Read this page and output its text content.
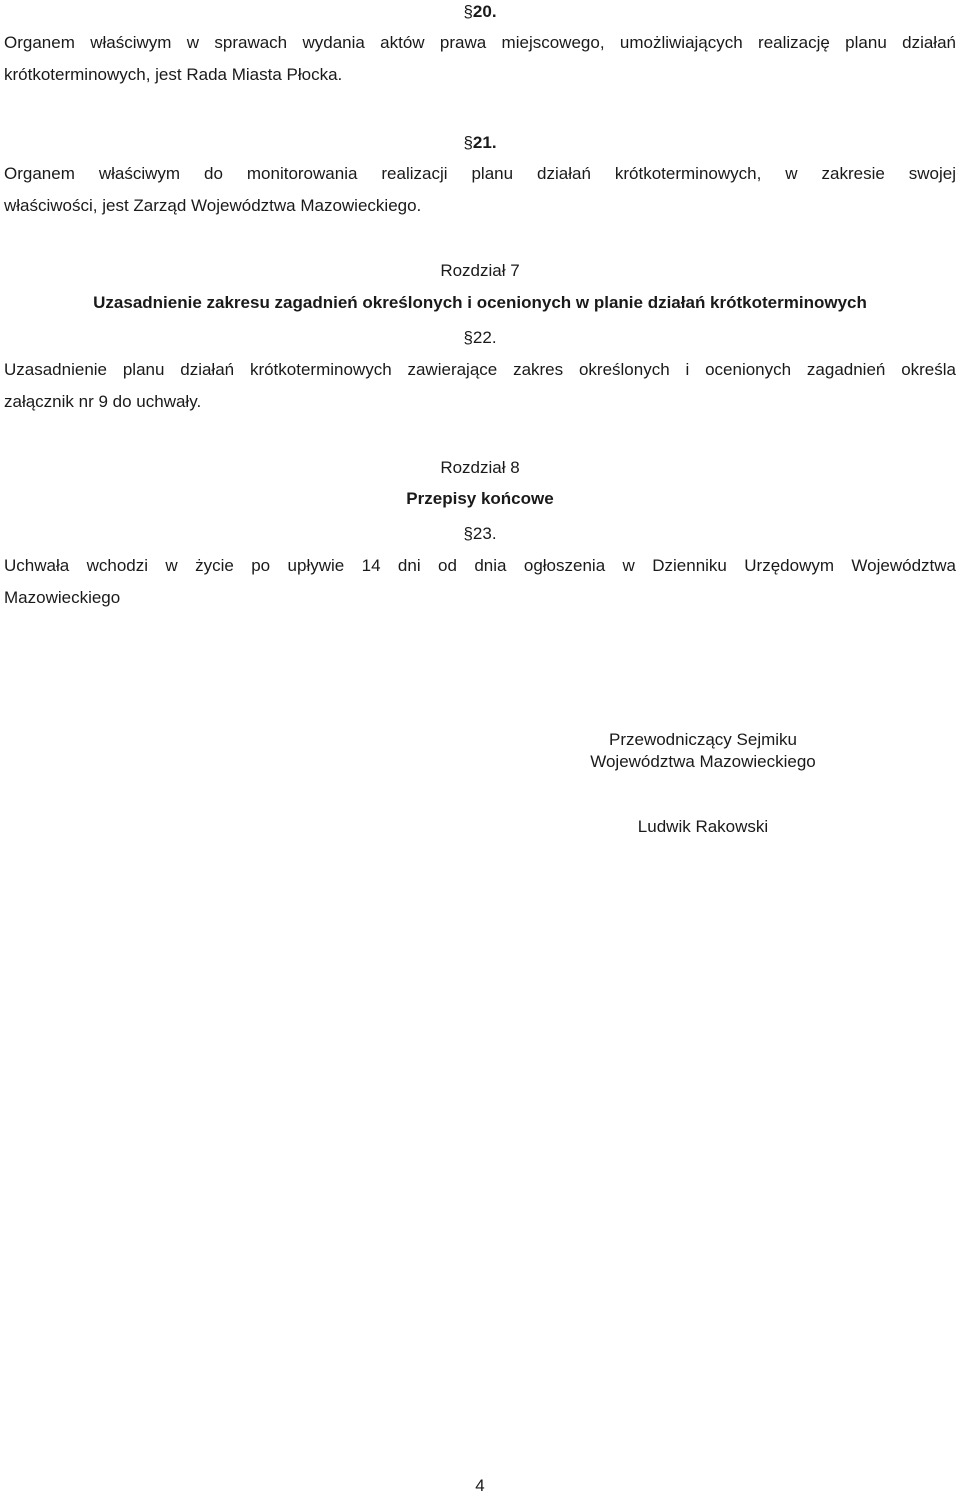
§20.
Organem właściwym w sprawach wydania aktów prawa miejscowego, umożliwiających realizację planu działań
krótkoterminowych, jest Rada Miasta Płocka.
§21.
Organem właściwym do monitorowania realizacji planu działań krótkoterminowych, w zakresie swojej
właściwości, jest Zarząd Województwa Mazowieckiego.
Rozdział 7
Uzasadnienie zakresu zagadnień określonych i ocenionych w planie działań krótkoterminowych
§22.
Uzasadnienie planu działań krótkoterminowych zawierające zakres określonych i ocenionych zagadnień określa
załącznik nr 9 do uchwały.
Rozdział 8
Przepisy końcowe
§23.
Uchwała wchodzi w życie po upływie 14 dni od dnia ogłoszenia w Dzienniku Urzędowym Województwa
Mazowieckiego
Przewodniczący Sejmiku
Województwa Mazowieckiego
Ludwik Rakowski
4
